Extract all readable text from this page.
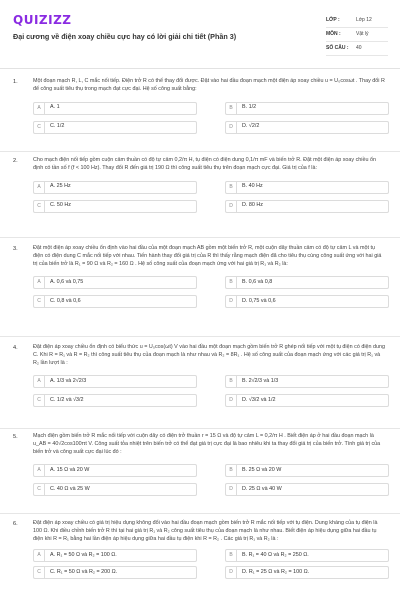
QUIZIZZ
Đại cương về điện xoay chiều cực hay có lời giải chi tiết (Phần 3)
LỚP :	Lớp 12
MÔN :	Vật lý
SỐ CÂU :	40
1.	Một đoạn mạch R, L, C mắc nối tiếp. Điện trở R có thể thay đổi được. Đặt vào hai đầu đoạn mạch một điện áp xoay chiều u = U₀cosωt . Thay đổi R để công suất tiêu thụ trong mạch đạt cực đại. Hệ số công suất bằng:
A	A. 1	B	B. 1/2
C	C. 1/2	D	D. √2/2
2.	Cho mạch điện nối tiếp gồm cuộn cảm thuần có độ tự cảm 0,2/π H, tụ điện có điện dung 0,1/π mF và biến trở R. Đặt một điện áp xoay chiều ổn định có tần số f (f < 100 Hz). Thay đổi R đến giá trị 190 Ω thì công suất tiêu thụ trên đoạn mạch cực đại. Giá trị của f là:
A	A. 25 Hz	B	B. 40 Hz
C	C. 50 Hz	D	D. 80 Hz
3.	Đặt một điện áp xoay chiều ổn định vào hai đầu của một đoạn mạch AB gồm một biến trở R, một cuộn dây thuần cảm có độ tự cảm L và một tụ điện có điện dung C mắc nối tiếp với nhau. Tiến hành thay đổi giá trị của R thì thấy rằng mạch điện đã cho tiêu thụ cùng công suất ứng với hai giá trị của biến trở là R₁ = 90 Ω và R₂ = 160 Ω . Hệ số công suất của đoạn mạch ứng với hai giá trị R₁ và R₂ là:
A	A. 0,6 và 0,75	B	B. 0,6 và 0,8
C	C. 0,8 và 0,6	D	D. 0,75 và 0,6
4.	Đặt điện áp xoay chiều ổn định có biểu thức u = U₀cos(ωt) V vào hai đầu một đoạn mạch gồm biến trở R ghép nối tiếp với một tụ điện có điện dung C. Khi R = R₁ và R = R₂ thì công suất tiêu thụ của đoạn mạch là như nhau và R₂ = 8R₁ . Hệ số công suất của đoạn mạch ứng với các giá trị R₁ và R₂ lần lượt là :
A	A. 1/3 và 2√2/3	B	B. 2√2/3 và 1/3
C	C. 1/2 và √3/2	D	D. √3/2 và 1/2
5.	Mạch điện gồm biến trở R mắc nối tiếp với cuộn dây có điện trở thuần r = 15 Ω và độ tự cảm L = 0,2/π H . Biết điện áp ở hai đầu đoạn mạch là u_AB = 40√2cos100πt V. Công suất tỏa nhiệt trên biến trở có thể đạt giá trị cực đại là bao nhiêu khi ta thay đổi giá trị của biến trở. Tính giá trị của biến trở và công suất cực đại lúc đó :
A	A. 15 Ω và 20 W	B	B. 25 Ω và 20 W
C	C. 40 Ω và 25 W	D	D. 25 Ω và 40 W
6.	Đặt điện áp xoay chiều có giá trị hiệu dụng không đổi vào hai đầu đoạn mạch gồm biến trở R mắc nối tiếp với tụ điện. Dung kháng của tụ điện là 100 Ω. Khi điều chỉnh biến trở R thì tại hai giá trị R₁ và R₂ công suất tiêu thụ của đoạn mạch là như nhau. Biết điện áp hiệu dụng giữa hai đầu tụ điện khi R = R₁ bằng hai lần điện áp hiệu dụng giữa hai đầu tụ điện khi R = R₂ . Các giá trị R₁ và R₂ là :
A	A. R₁ = 50 Ω và R₂ = 100 Ω.	B	B. R₁ = 40 Ω và R₂ = 250 Ω.
C	C. R₁ = 50 Ω và R₂ = 200 Ω.	D	D. R₁ = 25 Ω và R₂ = 100 Ω.
